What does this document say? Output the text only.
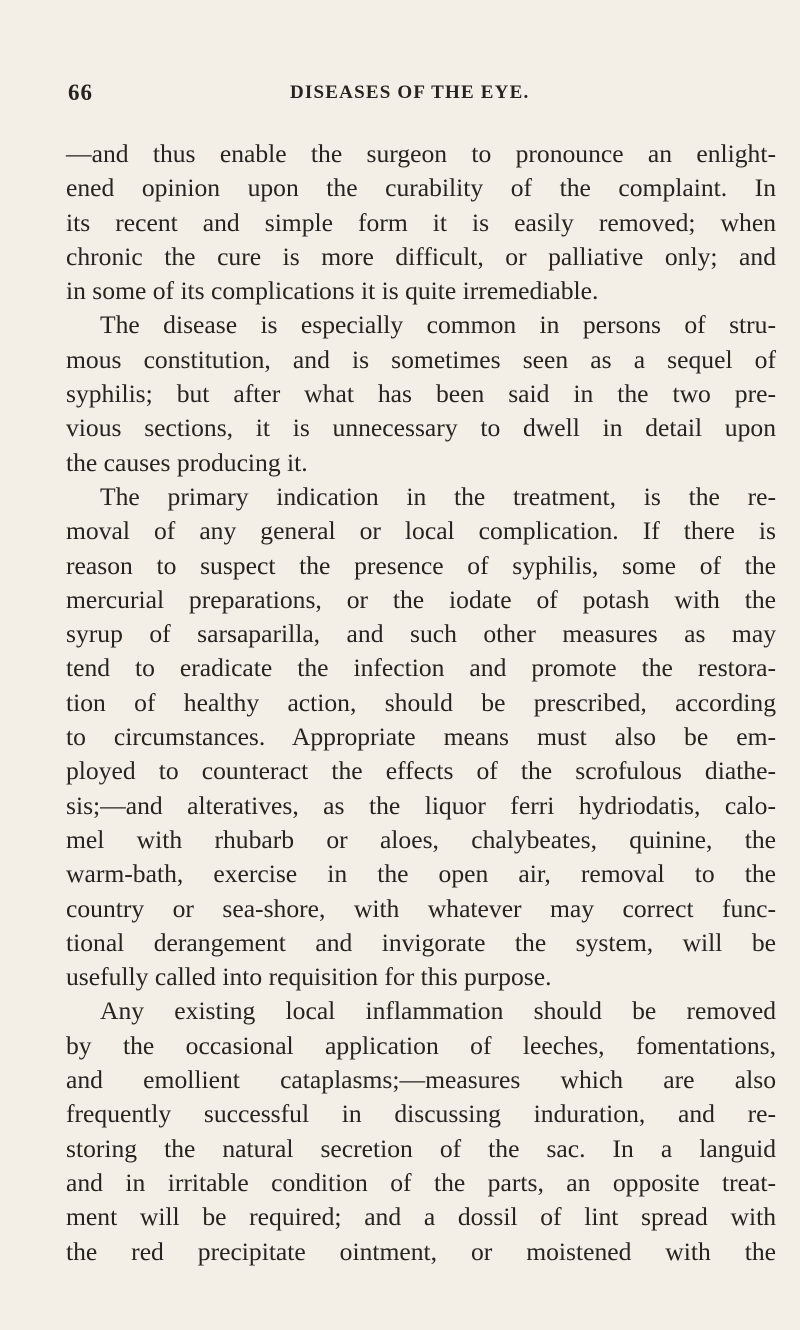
66	DISEASES OF THE EYE.
—and thus enable the surgeon to pronounce an enlight-
ened opinion upon the curability of the complaint. In
its recent and simple form it is easily removed; when
chronic the cure is more difficult, or palliative only; and
in some of its complications it is quite irremediable.
The disease is especially common in persons of stru-
mous constitution, and is sometimes seen as a sequel of
syphilis; but after what has been said in the two pre-
vious sections, it is unnecessary to dwell in detail upon
the causes producing it.
The primary indication in the treatment, is the re-
moval of any general or local complication. If there is
reason to suspect the presence of syphilis, some of the
mercurial preparations, or the iodate of potash with the
syrup of sarsaparilla, and such other measures as may
tend to eradicate the infection and promote the restora-
tion of healthy action, should be prescribed, according
to circumstances. Appropriate means must also be em-
ployed to counteract the effects of the scrofulous diathe-
sis;—and alteratives, as the liquor ferri hydriodatis, calo-
mel with rhubarb or aloes, chalybeates, quinine, the
warm-bath, exercise in the open air, removal to the
country or sea-shore, with whatever may correct func-
tional derangement and invigorate the system, will be
usefully called into requisition for this purpose.
Any existing local inflammation should be removed
by the occasional application of leeches, fomentations,
and emollient cataplasms;—measures which are also
frequently successful in discussing induration, and re-
storing the natural secretion of the sac. In a languid
and in irritable condition of the parts, an opposite treat-
ment will be required; and a dossil of lint spread with
the red precipitate ointment, or moistened with the
